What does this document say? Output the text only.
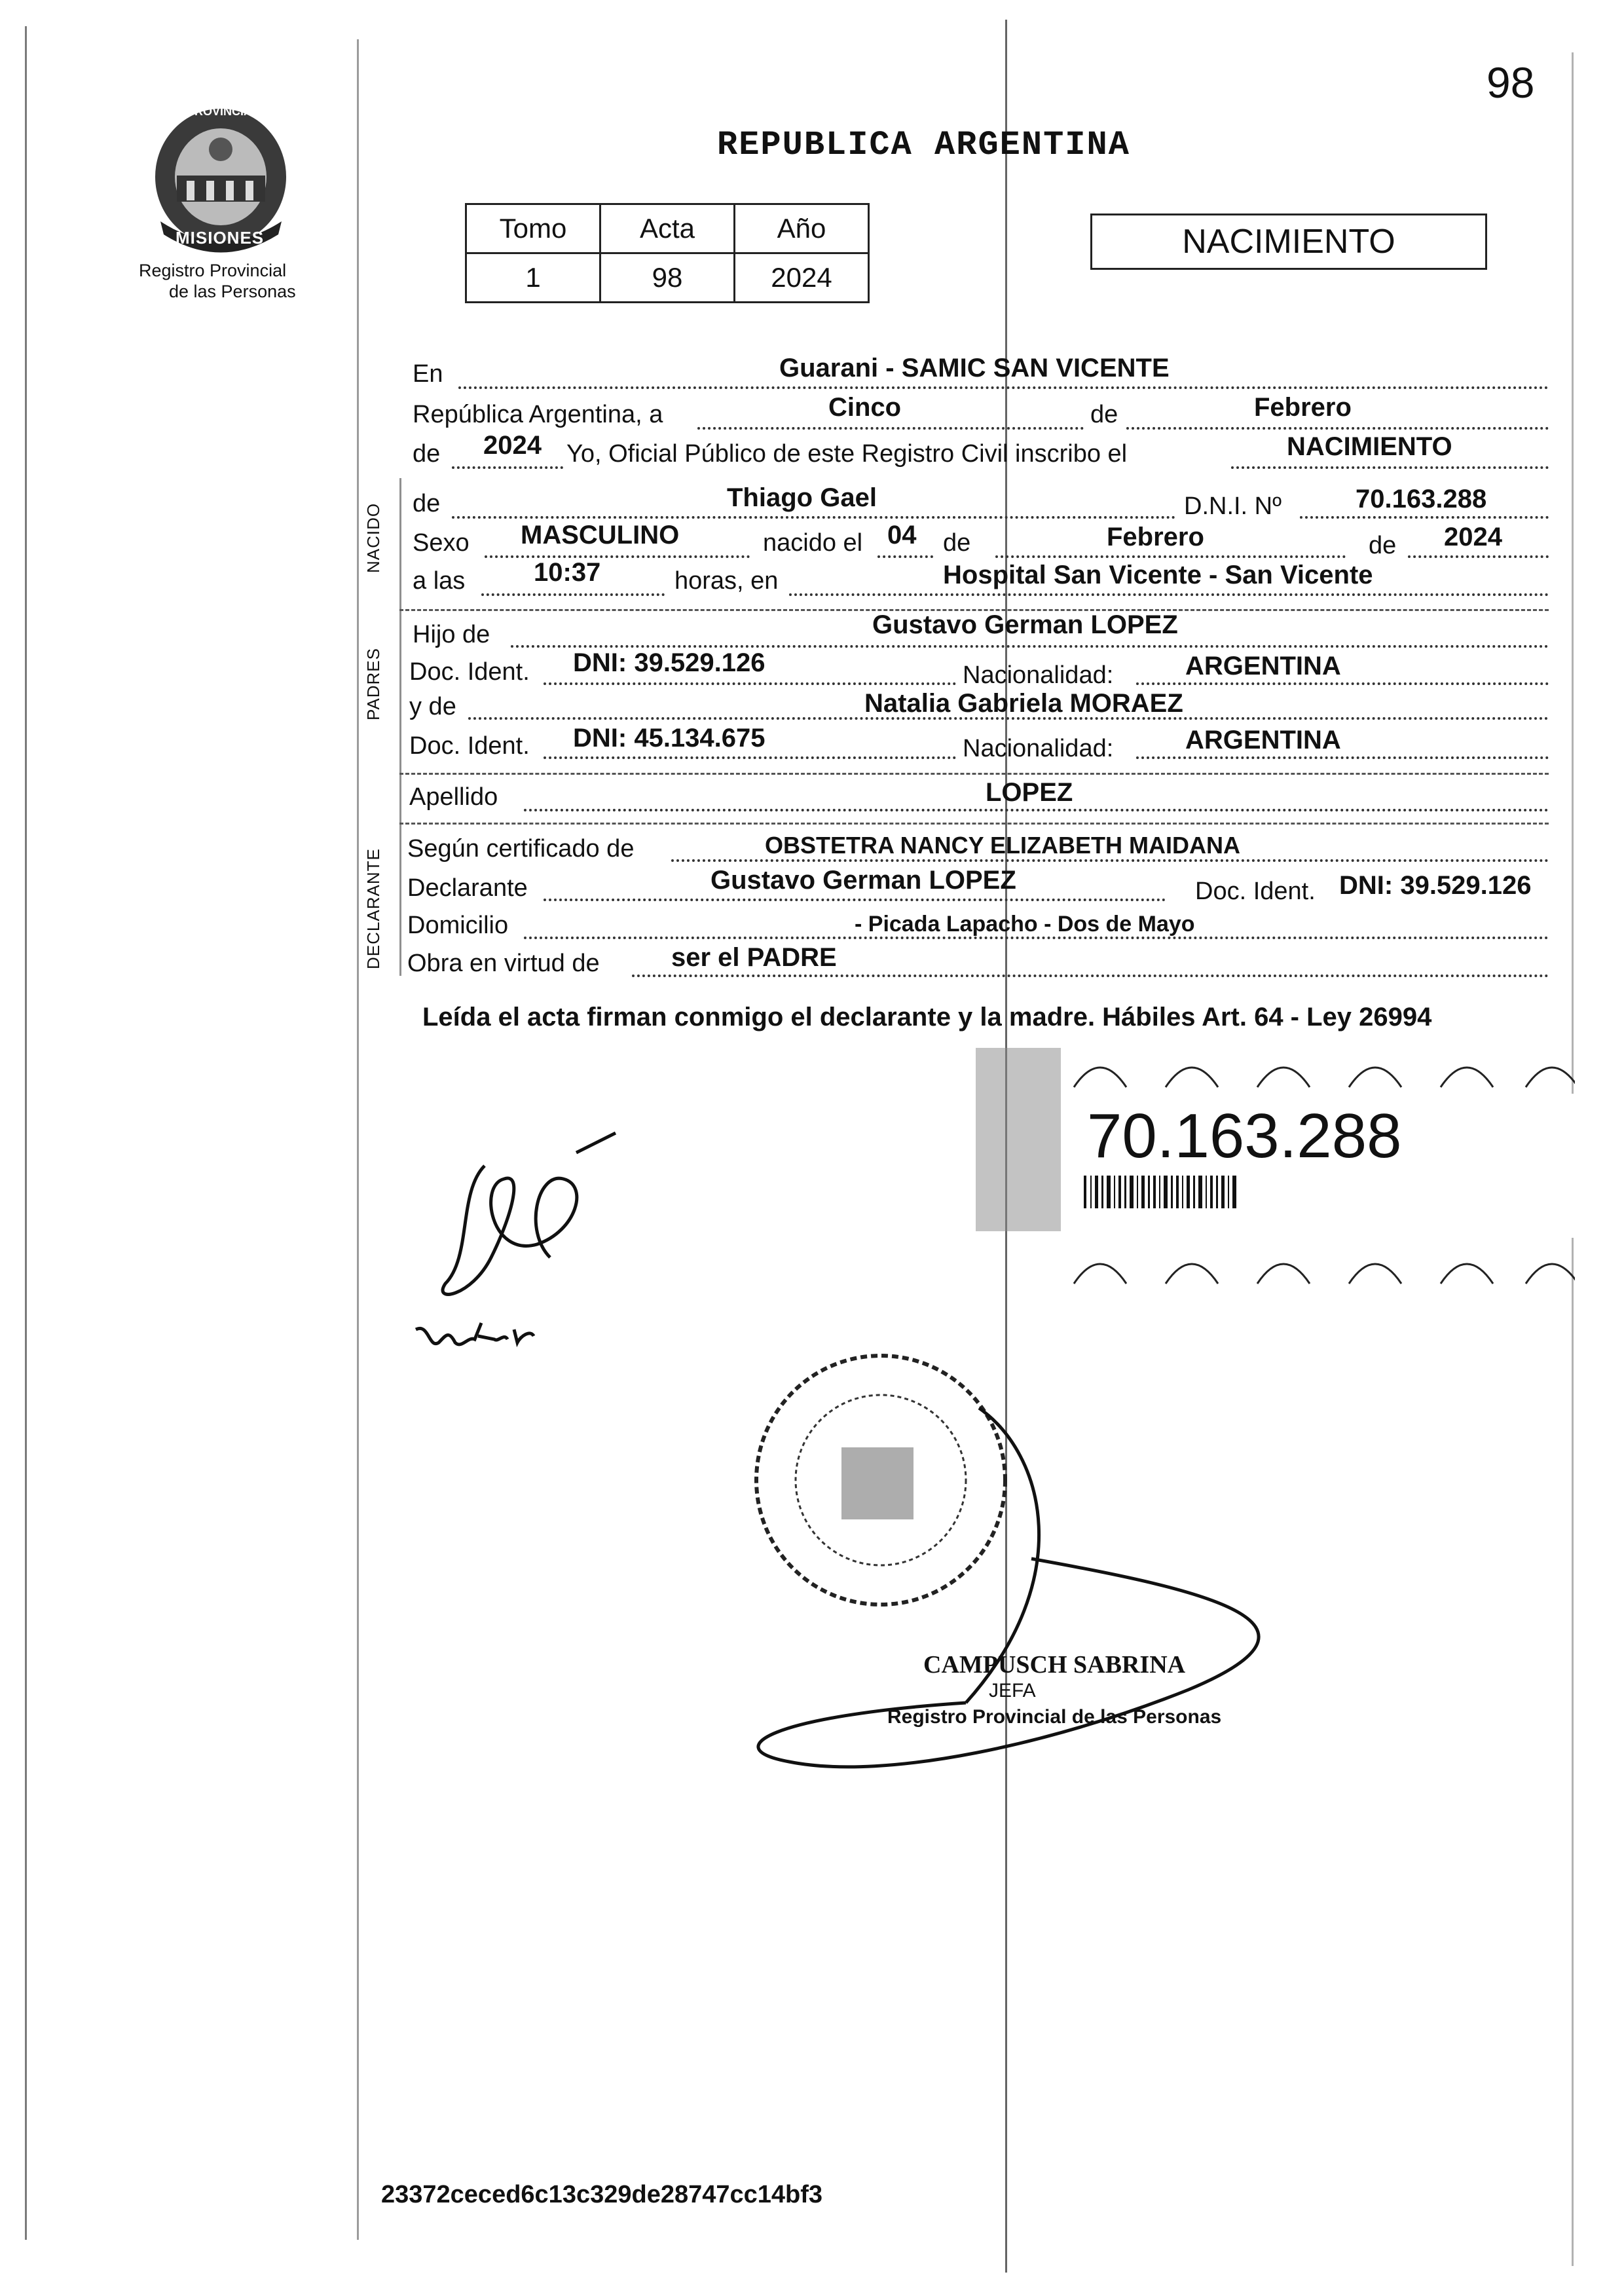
98
PROVINCIA DE
MISIONES
Registro Provincial
de las Personas
REPUBLICA ARGENTINA
Tomo	Acta	Año
1	98	2024
NACIMIENTO
NACIDO
PADRES
DECLARANTE
En	Guarani - SAMIC SAN VICENTE
República Argentina, a	Cinco	de	Febrero
de 2024 Yo, Oficial Público de este Registro Civil inscribo el	NACIMIENTO
de	Thiago Gael	D.N.I. Nº	70.163.288
Sexo MASCULINO	nacido el 04 de	Febrero	de 2024
a las	10:37	horas, en	Hospital San Vicente - San Vicente
Hijo de	Gustavo German LOPEZ
Doc. Ident. DNI: 39.529.126	Nacionalidad:	ARGENTINA
y de	Natalia Gabriela MORAEZ
Doc. Ident. DNI: 45.134.675	Nacionalidad:	ARGENTINA
Apellido	LOPEZ
Según certificado de	OBSTETRA NANCY ELIZABETH MAIDANA
Declarante	Gustavo German LOPEZ	Doc. Ident. DNI: 39.529.126
Domicilio	- Picada Lapacho - Dos de Mayo
Obra en virtud de	ser el PADRE
Leída el acta firman conmigo el declarante y la madre. Hábiles Art. 64 - Ley 26994
70.163.288
CAMPUSCH SABRINA
JEFA
Registro Provincial de las Personas
23372ceced6c13c329de28747cc14bf3
